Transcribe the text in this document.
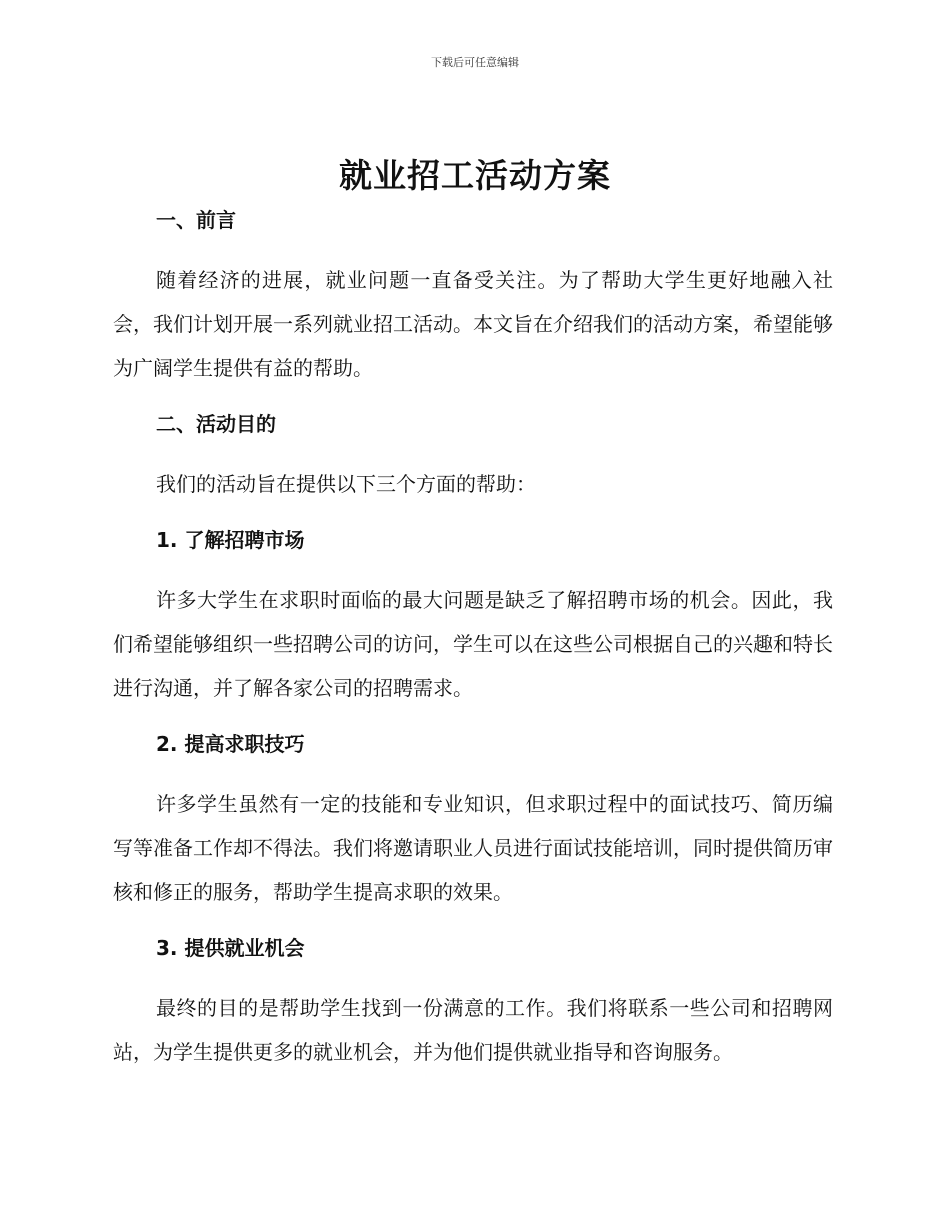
下载后可任意编辑
就业招工活动方案
一、前言

随着经济的进展，就业问题一直备受关注。为了帮助大学生更好地融入社会，我们计划开展一系列就业招工活动。本文旨在介绍我们的活动方案，希望能够为广阔学生提供有益的帮助。

二、活动目的

我们的活动旨在提供以下三个方面的帮助：

1. 了解招聘市场

许多大学生在求职时面临的最大问题是缺乏了解招聘市场的机会。因此，我们希望能够组织一些招聘公司的访问，学生可以在这些公司根据自己的兴趣和特长进行沟通，并了解各家公司的招聘需求。

2. 提高求职技巧

许多学生虽然有一定的技能和专业知识，但求职过程中的面试技巧、简历编写等准备工作却不得法。我们将邀请职业人员进行面试技能培训，同时提供简历审核和修正的服务，帮助学生提高求职的效果。

3. 提供就业机会

最终的目的是帮助学生找到一份满意的工作。我们将联系一些公司和招聘网站，为学生提供更多的就业机会，并为他们提供就业指导和咨询服务。
